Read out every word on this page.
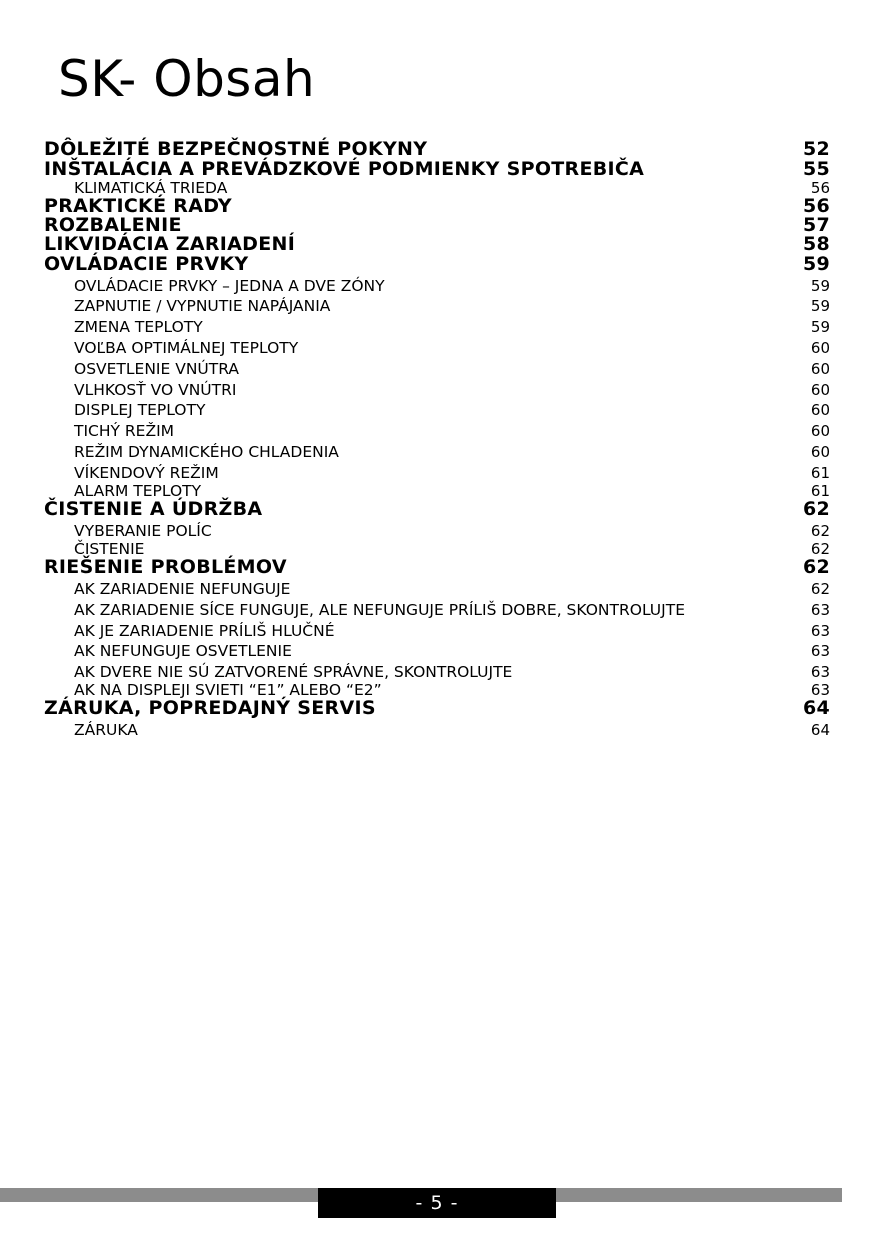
SK- Obsah
DÔLEŽITÉ BEZPEČNOSTNÉ POKYNY	52
INŠTALÁCIA A PREVÁDZKOVÉ PODMIENKY SPOTREBIČA	55
KLIMATICKÁ TRIEDA	56
PRAKTICKÉ RADY	56
ROZBALENIE	57
LIKVIDÁCIA ZARIADENÍ	58
OVLÁDACIE PRVKY	59
OVLÁDACIE PRVKY – JEDNA A DVE ZÓNY	59
ZAPNUTIE / VYPNUTIE NAPÁJANIA	59
ZMENA TEPLOTY	59
VOĽBA OPTIMÁLNEJ TEPLOTY	60
OSVETLENIE VNÚTRA	60
VLHKOSŤ VO VNÚTRI	60
DISPLEJ TEPLOTY	60
TICHÝ REŽIM	60
REŽIM DYNAMICKÉHO CHLADENIA	60
VÍKENDOVÝ REŽIM	61
ALARM TEPLOTY	61
ČISTENIE A ÚDRŽBA	62
VYBERANIE POLÍC	62
ČISTENIE	62
RIEŠENIE PROBLÉMOV	62
AK ZARIADENIE NEFUNGUJE	62
AK ZARIADENIE SÍCE FUNGUJE, ALE NEFUNGUJE PRÍLIŠ DOBRE, SKONTROLUJTE	63
AK JE ZARIADENIE PRÍLIŠ HLUČNÉ	63
AK NEFUNGUJE OSVETLENIE	63
AK DVERE NIE SÚ ZATVORENÉ SPRÁVNE, SKONTROLUJTE	63
AK NA DISPLEJI SVIETI “E1” ALEBO “E2”	63
ZÁRUKA, POPREDAJNÝ SERVIS	64
ZÁRUKA	64
- 5 -
